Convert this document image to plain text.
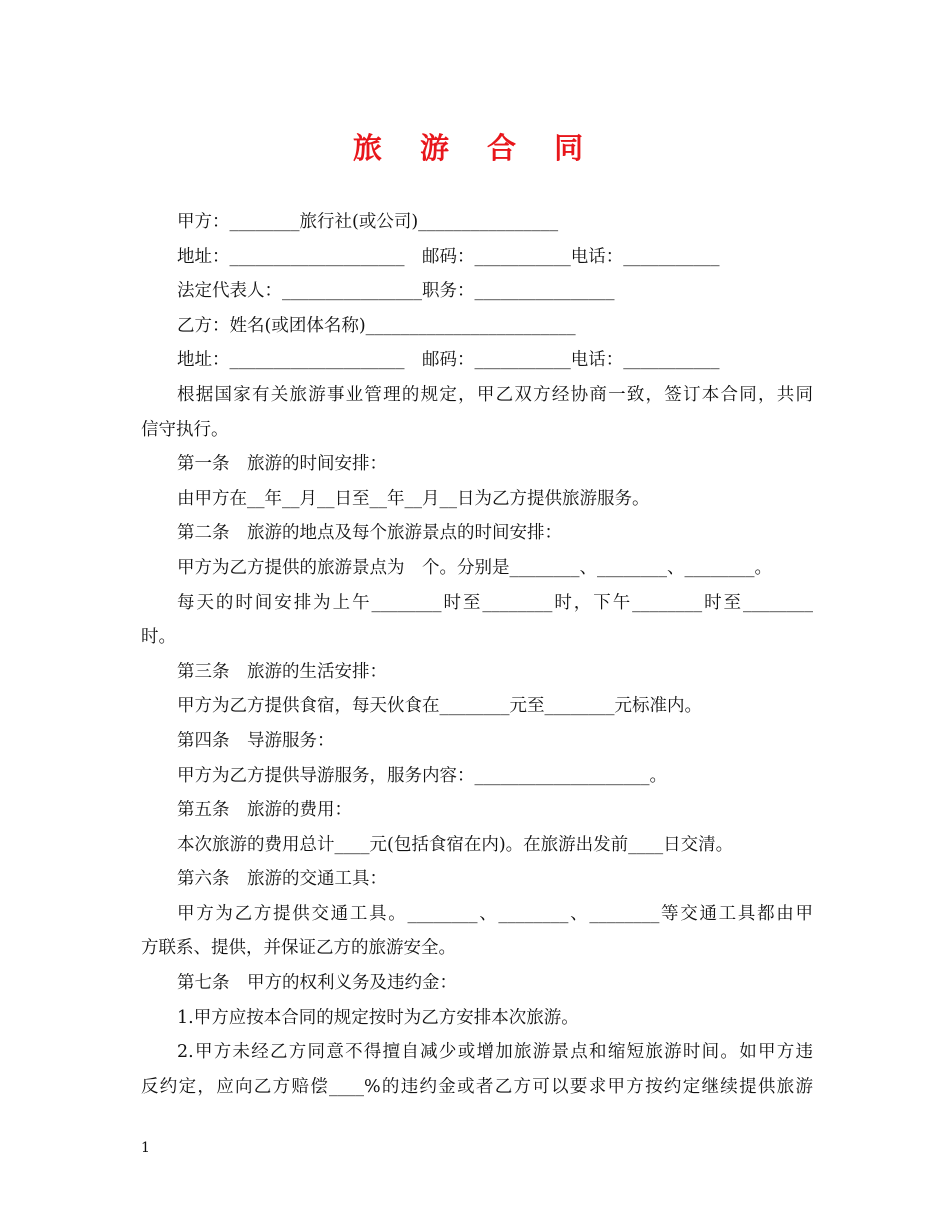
旅 游 合 同
甲方：________旅行社(或公司)________________
地址：____________________　邮码：___________电话：___________
法定代表人：________________职务：________________
乙方：姓名(或团体名称)________________________
地址：____________________　邮码：___________电话：___________
根据国家有关旅游事业管理的规定，甲乙双方经协商一致，签订本合同，共同
信守执行。
第一条　旅游的时间安排：
由甲方在__年__月__日至__年__月__日为乙方提供旅游服务。
第二条　旅游的地点及每个旅游景点的时间安排：
甲方为乙方提供的旅游景点为　个。分别是________、________、________。
每天的时间安排为上午________时至________时，下午________时至________
时。
第三条　旅游的生活安排：
甲方为乙方提供食宿，每天伙食在________元至________元标准内。
第四条　导游服务：
甲方为乙方提供导游服务，服务内容：____________________。
第五条　旅游的费用：
本次旅游的费用总计____元(包括食宿在内)。在旅游出发前____日交清。
第六条　旅游的交通工具：
甲方为乙方提供交通工具。________、________、________等交通工具都由甲
方联系、提供，并保证乙方的旅游安全。
第七条　甲方的权利义务及违约金：
1.甲方应按本合同的规定按时为乙方安排本次旅游。
2.甲方未经乙方同意不得擅自减少或增加旅游景点和缩短旅游时间。如甲方违
反约定，应向乙方赔偿____%的违约金或者乙方可以要求甲方按约定继续提供旅游
1
